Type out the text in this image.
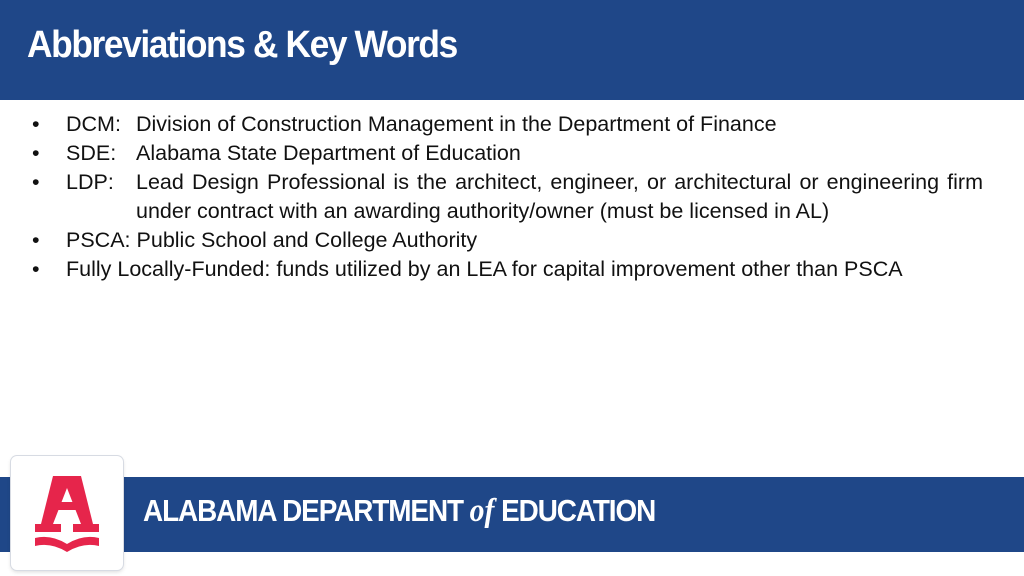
Abbreviations & Key Words
•	DCM: Division of Construction Management in the Department of Finance
•	SDE: Alabama State Department of Education
•	LDP:	Lead Design Professional is the architect, engineer, or architectural or engineering firm under contract with an awarding authority/owner (must be licensed in AL)
•	PSCA: Public School and College Authority
•	Fully Locally-Funded: funds utilized by an LEA for capital improvement other than PSCA
ALABAMA DEPARTMENT of EDUCATION
